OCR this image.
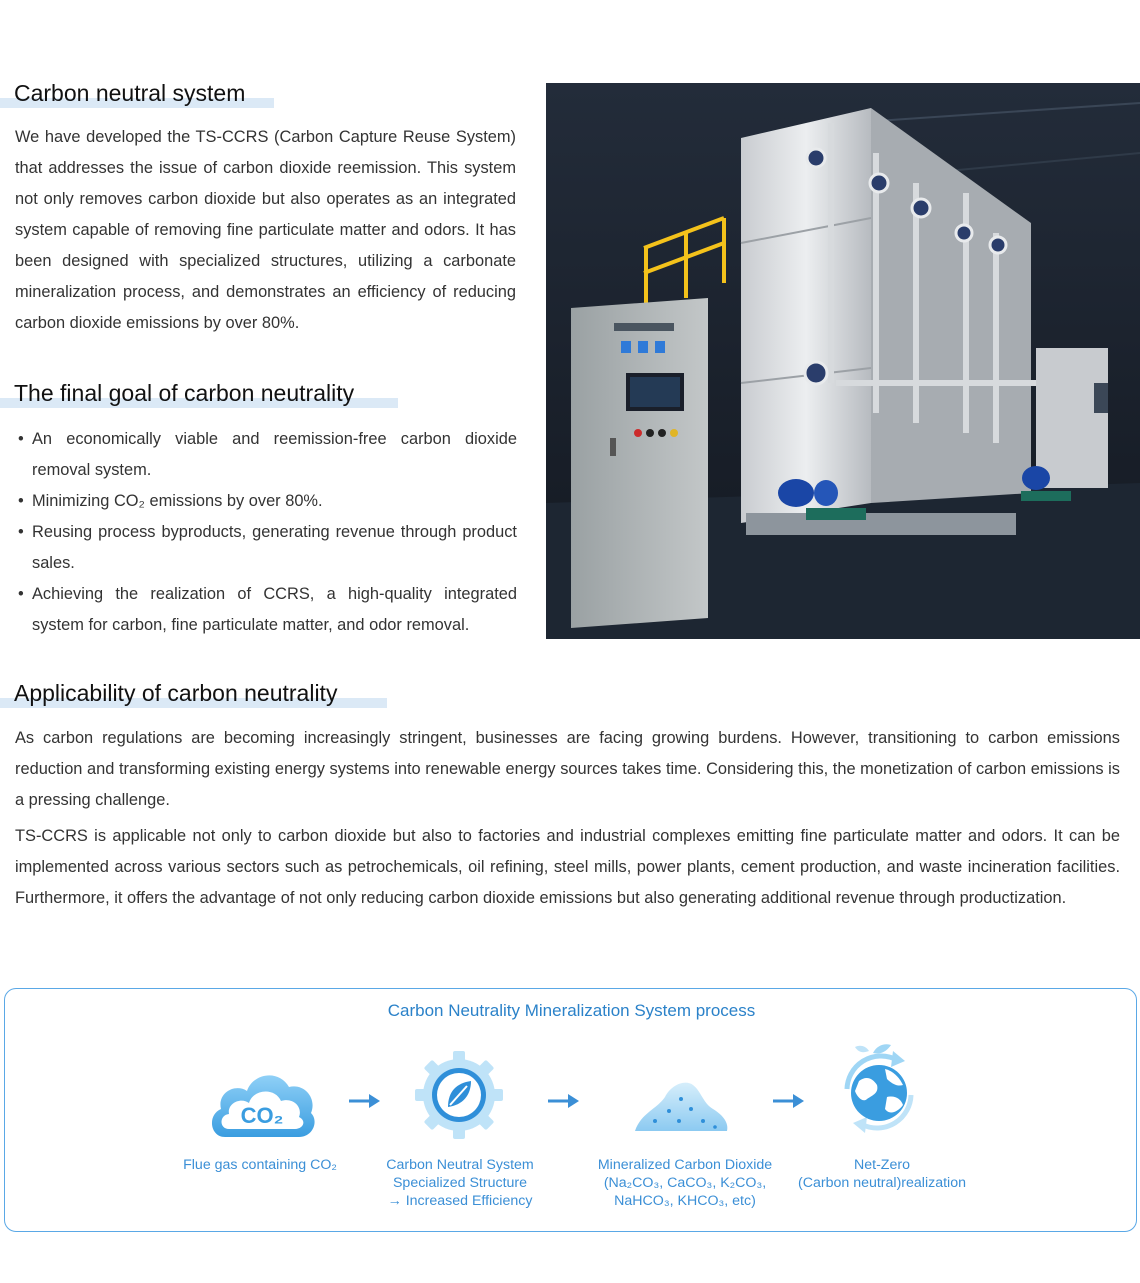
Carbon neutral system

We have developed the TS-CCRS (Carbon Capture Reuse System) that addresses the issue of carbon dioxide reemission. This system not only removes carbon dioxide but also operates as an integrated system capable of removing fine particulate matter and odors. It has been designed with specialized structures, utilizing a carbonate mineralization process, and demonstrates an efficiency of reducing carbon dioxide emissions by over 80%.

The final goal of carbon neutrality
• An economically viable and reemission-free carbon dioxide removal system.
• Minimizing CO₂ emissions by over 80%.
• Reusing process byproducts, generating revenue through product sales.
• Achieving the realization of CCRS, a high-quality integrated system for carbon, fine particulate matter, and odor removal.
Applicability of carbon neutrality

As carbon regulations are becoming increasingly stringent, businesses are facing growing burdens. However, transitioning to carbon emissions reduction and transforming existing energy systems into renewable energy sources takes time. Considering this, the monetization of carbon emissions is a pressing challenge.

TS-CCRS is applicable not only to carbon dioxide but also to factories and industrial complexes emitting fine particulate matter and odors. It can be implemented across various sectors such as petrochemicals, oil refining, steel mills, power plants, cement production, and waste incineration facilities. Furthermore, it offers the advantage of not only reducing carbon dioxide emissions but also generating additional revenue through productization.

Carbon Neutrality Mineralization System process
CO₂
Flue gas containing CO₂	Carbon Neutral System
Specialized Structure
→ Increased Efficiency
Mineralized Carbon Dioxide
(Na₂CO₃, CaCO₃, K₂CO₃,
NaHCO₃, KHCO₃, etc)
Net-Zero
(Carbon neutral)realization
